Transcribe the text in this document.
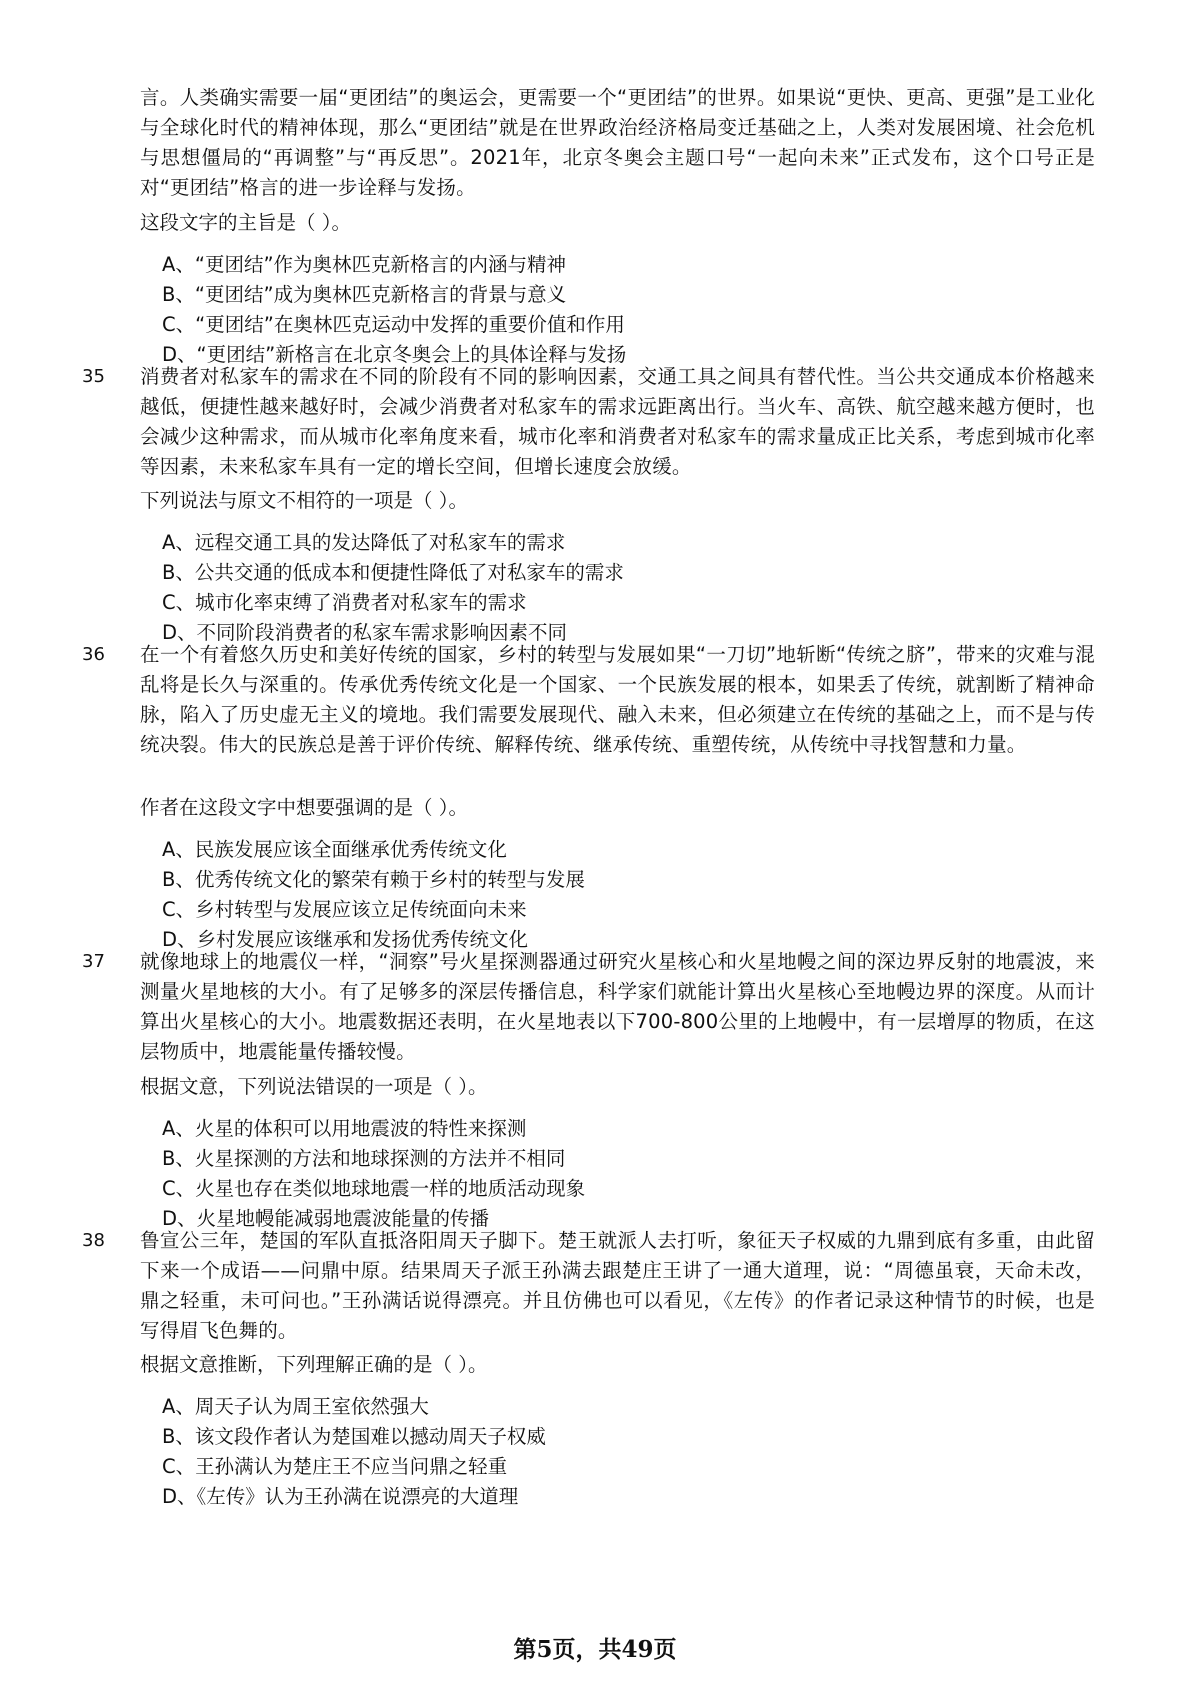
言。人类确实需要一届“更团结”的奥运会，更需要一个“更团结”的世界。如果说“更快、更高、更强”是工业化与全球化时代的精神体现，那么“更团结”就是在世界政治经济格局变迁基础之上，人类对发展困境、社会危机与思想僵局的“再调整”与“再反思”。2021年，北京冬奥会主题口号“一起向未来”正式发布，这个口号正是对“更团结”格言的进一步诠释与发扬。
这段文字的主旨是（ ）。
A、“更团结”作为奥林匹克新格言的内涵与精神
B、“更团结”成为奥林匹克新格言的背景与意义
C、“更团结”在奥林匹克运动中发挥的重要价值和作用
D、“更团结”新格言在北京冬奥会上的具体诠释与发扬
35	消费者对私家车的需求在不同的阶段有不同的影响因素，交通工具之间具有替代性。当公共交通成本价格越来越低，便捷性越来越好时，会减少消费者对私家车的需求远距离出行。当火车、高铁、航空越来越方便时，也会减少这种需求，而从城市化率角度来看，城市化率和消费者对私家车的需求量成正比关系，考虑到城市化率等因素，未来私家车具有一定的增长空间，但增长速度会放缓。
下列说法与原文不相符的一项是（ ）。
A、远程交通工具的发达降低了对私家车的需求
B、公共交通的低成本和便捷性降低了对私家车的需求
C、城市化率束缚了消费者对私家车的需求
D、不同阶段消费者的私家车需求影响因素不同
36	在一个有着悠久历史和美好传统的国家，乡村的转型与发展如果“一刀切”地斩断“传统之脐”，带来的灾难与混乱将是长久与深重的。传承优秀传统文化是一个国家、一个民族发展的根本，如果丢了传统，就割断了精神命脉，陷入了历史虚无主义的境地。我们需要发展现代、融入未来，但必须建立在传统的基础之上，而不是与传统决裂。伟大的民族总是善于评价传统、解释传统、继承传统、重塑传统，从传统中寻找智慧和力量。
作者在这段文字中想要强调的是（ ）。
A、民族发展应该全面继承优秀传统文化
B、优秀传统文化的繁荣有赖于乡村的转型与发展
C、乡村转型与发展应该立足传统面向未来
D、乡村发展应该继承和发扬优秀传统文化
37	就像地球上的地震仪一样，“洞察”号火星探测器通过研究火星核心和火星地幔之间的深边界反射的地震波，来测量火星地核的大小。有了足够多的深层传播信息，科学家们就能计算出火星核心至地幔边界的深度。从而计算出火星核心的大小。地震数据还表明，在火星地表以下700-800公里的上地幔中，有一层增厚的物质，在这层物质中，地震能量传播较慢。
根据文意，下列说法错误的一项是（ ）。
A、火星的体积可以用地震波的特性来探测
B、火星探测的方法和地球探测的方法并不相同
C、火星也存在类似地球地震一样的地质活动现象
D、火星地幔能减弱地震波能量的传播
38	鲁宣公三年，楚国的军队直抵洛阳周天子脚下。楚王就派人去打听，象征天子权威的九鼎到底有多重，由此留下来一个成语——问鼎中原。结果周天子派王孙满去跟楚庄王讲了一通大道理，说：“周德虽衰，天命未改，鼎之轻重，未可问也。”王孙满话说得漂亮。并且仿佛也可以看见，《左传》的作者记录这种情节的时候，也是写得眉飞色舞的。
根据文意推断，下列理解正确的是（ ）。
A、周天子认为周王室依然强大
B、该文段作者认为楚国难以撼动周天子权威
C、王孙满认为楚庄王不应当问鼎之轻重
D、《左传》认为王孙满在说漂亮的大道理
第5页，共49页
